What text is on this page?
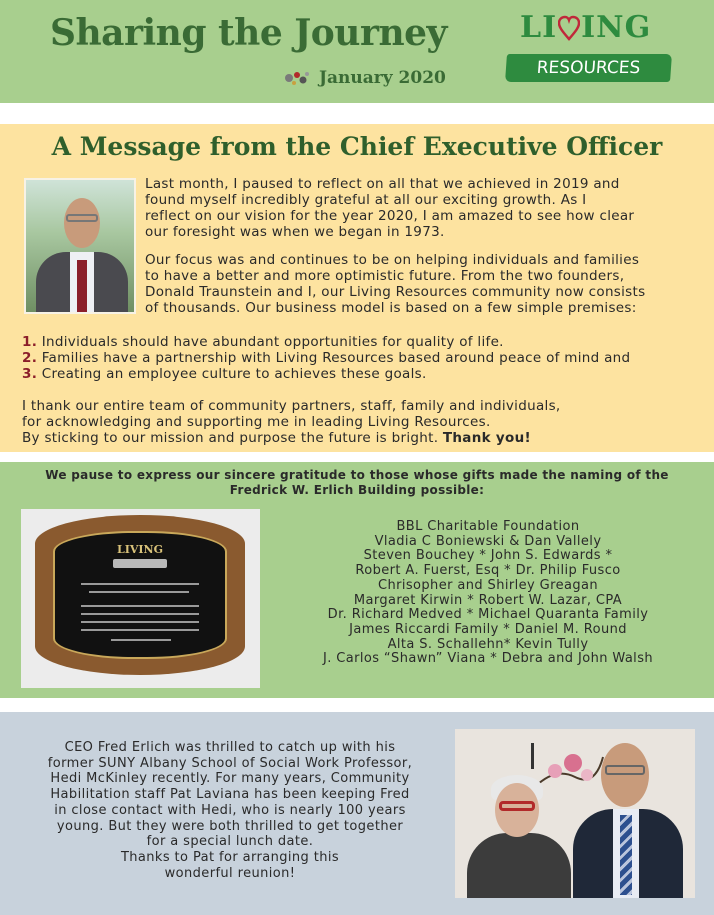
Sharing the Journey
January 2020
LI ING
RESOURCES
A Message from the Chief Executive Officer
Last month, I paused to reflect on all that we achieved in 2019 and
found myself incredibly grateful at all our exciting growth. As I
reflect on our vision for the year 2020, I am amazed to see how clear
our foresight was when we began in 1973.
Our focus was and continues to be on helping individuals and families
to have a better and more optimistic future. From the two founders,
Donald Traunstein and I, our Living Resources community now consists
of thousands. Our business model is based on a few simple premises:
1. Individuals should have abundant opportunities for quality of life.
2. Families have a partnership with Living Resources based around peace of mind and
3. Creating an employee culture to achieves these goals.
I thank our entire team of community partners, staff, family and individuals,
for acknowledging and supporting me in leading Living Resources.
By sticking to our mission and purpose the future is bright. Thank you!
We pause to express our sincere gratitude to those whose gifts made the naming of the
Fredrick W. Erlich Building possible:
LIVING
BBL Charitable Foundation
Vladia C Boniewski & Dan Vallely
Steven Bouchey * John S. Edwards *
Robert A. Fuerst, Esq * Dr. Philip Fusco
Chrisopher and Shirley Greagan
Margaret Kirwin * Robert W. Lazar, CPA
Dr. Richard Medved * Michael Quaranta Family
James Riccardi Family * Daniel M. Round
Alta S. Schallehn* Kevin Tully
J. Carlos “Shawn” Viana * Debra and John Walsh
CEO Fred Erlich was thrilled to catch up with his
former SUNY Albany School of Social Work Professor,
Hedi McKinley recently. For many years, Community
Habilitation staff Pat Laviana has been keeping Fred
in close contact with Hedi, who is nearly 100 years
young. But they were both thrilled to get together
for a special lunch date.
Thanks to Pat for arranging this
wonderful reunion!
